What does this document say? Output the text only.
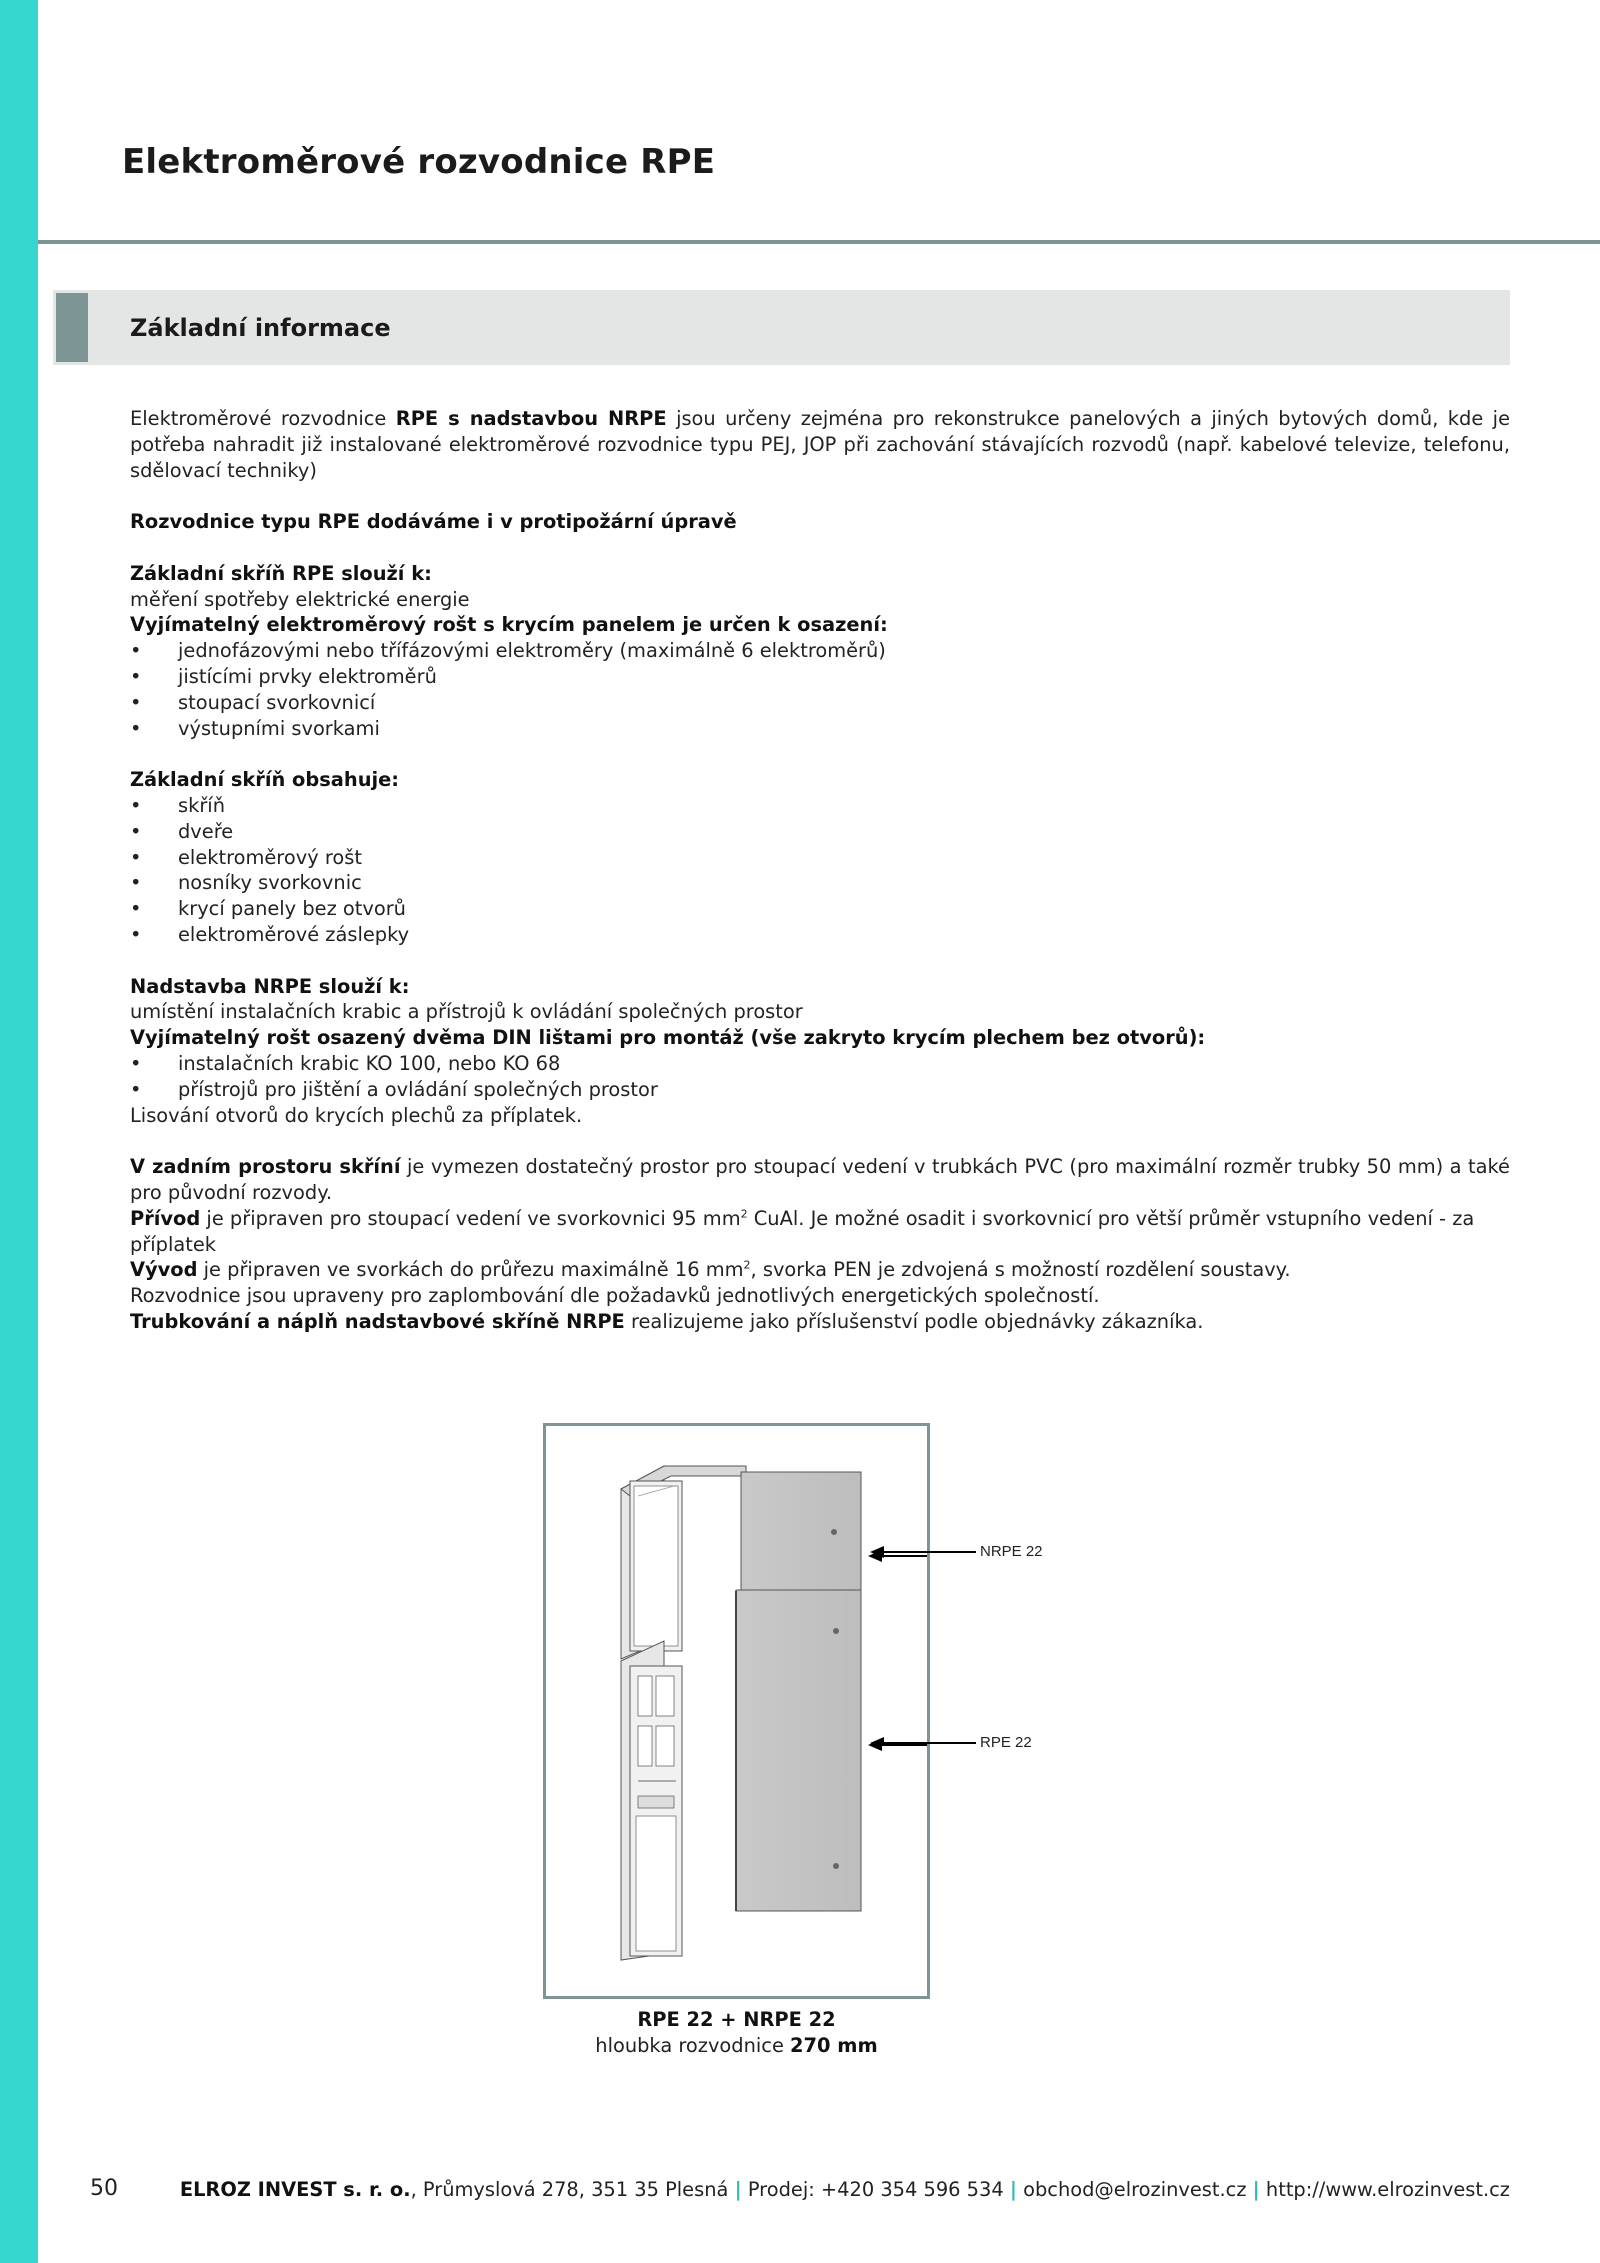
Elektroměrové rozvodnice RPE
Základní informace

Elektroměrové rozvodnice RPE s nadstavbou NRPE jsou určeny zejména pro rekonstrukce panelových a jiných bytových domů, kde je potřeba nahradit již instalované elektroměrové rozvodnice typu PEJ, JOP při zachování stávajících rozvodů (např. kabelové televize, telefonu, sdělovací techniky)

Rozvodnice typu RPE dodáváme i v protipožární úpravě

Základní skříň RPE slouží k:

měření spotřeby elektrické energie

Vyjímatelný elektroměrový rošt s krycím panelem je určen k osazení:

•	jednofázovými nebo třífázovými elektroměry (maximálně 6 elektroměrů)
•	jistícími prvky elektroměrů
•	stoupací svorkovnicí
•	výstupními svorkami

Základní skříň obsahuje:

•	skříň
•	dveře
•	elektroměrový rošt
•	nosníky svorkovnic
•	krycí panely bez otvorů
•	elektroměrové záslepky

Nadstavba NRPE slouží k:

umístění instalačních krabic a přístrojů k ovládání společných prostor

Vyjímatelný rošt osazený dvěma DIN lištami pro montáž (vše zakryto krycím plechem bez otvorů):

•	instalačních krabic KO 100, nebo KO 68
•	přístrojů pro jištění a ovládání společných prostor

Lisování otvorů do krycích plechů za příplatek.

V zadním prostoru skříní je vymezen dostatečný prostor pro stoupací vedení v trubkách PVC (pro maximální rozměr trubky 50 mm) a také pro původní rozvody.

Přívod je připraven pro stoupací vedení ve svorkovnici 95 $mm^2$ CuAl. Je možné osadit i svorkovnicí pro větší průměr vstupního vedení - za příplatek

Vývod je připraven ve svorkách do průřezu maximálně 16 $mm^2$, svorka PEN je zdvojená s možností rozdělení soustavy.

Rozvodnice jsou upraveny pro zaplombování dle požadavků jednotlivých energetických společností.

Trubkování a náplň nadstavbové skříně NRPE realizujeme jako příslušenství podle objednávky zákazníka.

NRPE 22
RPE 22
RPE 22 + NRPE 22
hloubka rozvodnice 270 mm
50	ELROZ INVEST s. r. o., Průmyslová 278, 351 35 Plesná | Prodej: +420 354 596 534 | obchod@elrozinvest.cz | http://www.elrozinvest.cz
